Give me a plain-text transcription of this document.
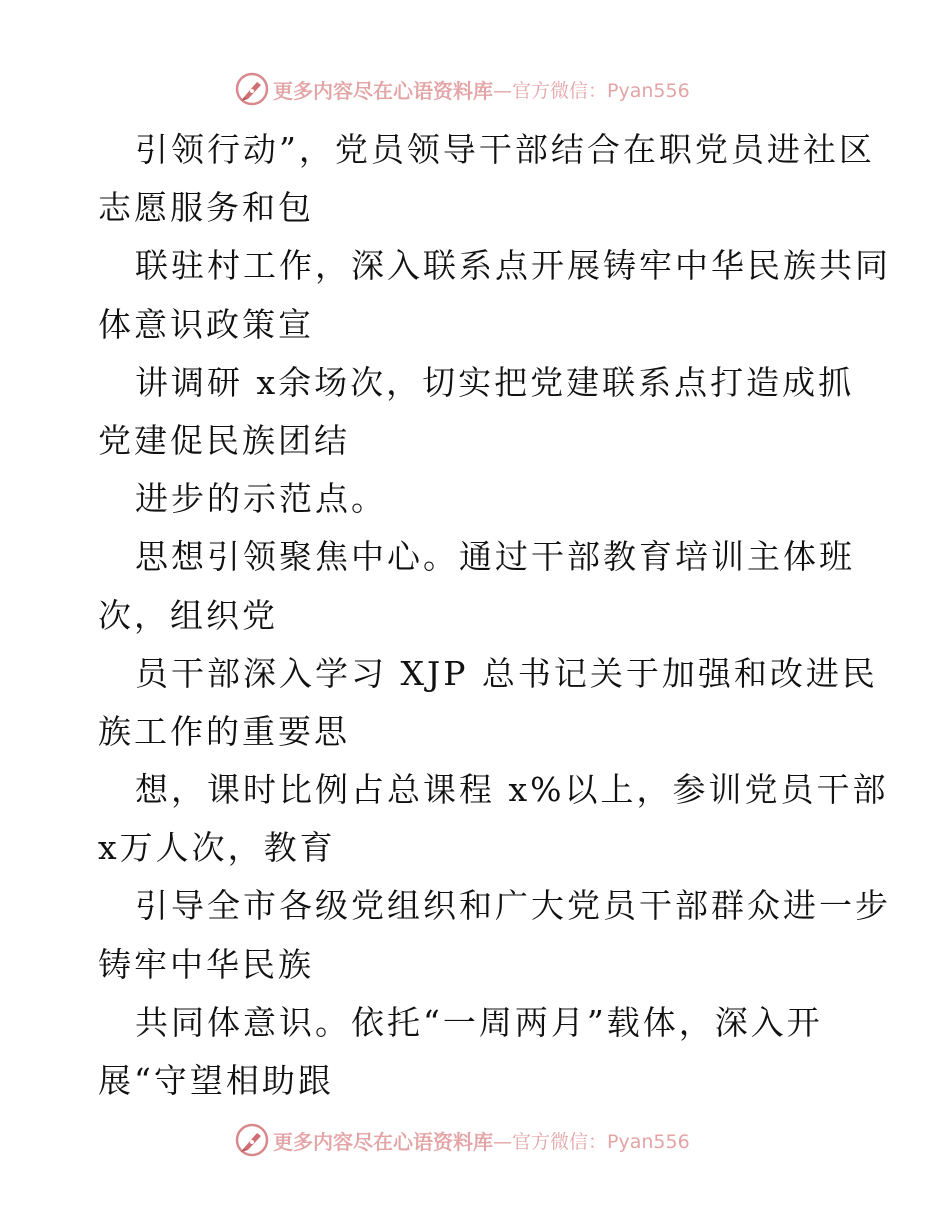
更多内容尽在心语资料库 —官方微信：Pyan556
引领行动”，党员领导干部结合在职党员进社区
志愿服务和包
联驻村工作，深入联系点开展铸牢中华民族共同
体意识政策宣
讲调研 x余场次，切实把党建联系点打造成抓
党建促民族团结
进步的示范点。
思想引领聚焦中心。通过干部教育培训主体班
次，组织党
员干部深入学习 XJP 总书记关于加强和改进民
族工作的重要思
想，课时比例占总课程 x%以上，参训党员干部
x万人次，教育
引导全市各级党组织和广大党员干部群众进一步
铸牢中华民族
共同体意识。依托“一周两月”载体，深入开
展“守望相助跟
更多内容尽在心语资料库 —官方微信：Pyan556
